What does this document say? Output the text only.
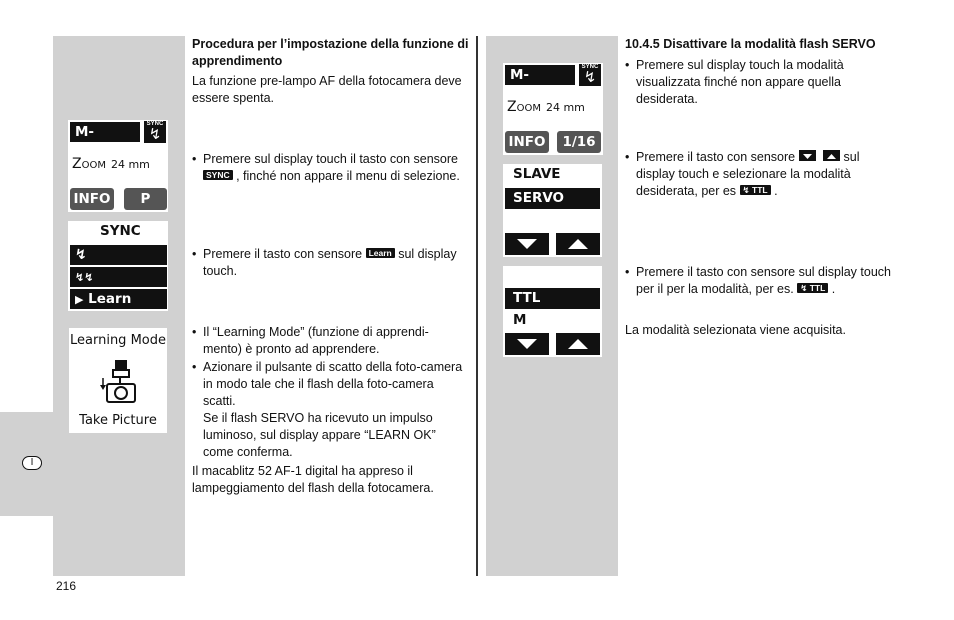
I
M-SERVO
SYNC
↯
ZOOM 24 mm
INFO	P
SYNC
↯
↯↯
▶ Learn
Learning Mode
Take Picture
M-SERVO
SYNC
↯
ZOOM 24 mm
INFO	1/16
SLAVE
SERVO
TTL
M
Procedura per l’impostazione della funzione di apprendimento
La funzione pre-lampo AF della fotocamera deve essere spenta.
• Premere sul display touch il tasto con sensore SYNC , finché non appare il menu di selezione.
• Premere il tasto con sensore Learn sul display touch.
• Il “Learning Mode” (funzione di apprendi-mento) è pronto ad apprendere.
• Azionare il pulsante di scatto della foto-camera in modo tale che il flash della foto-camera scatti.
Se il flash SERVO ha ricevuto un impulso luminoso, sul display appare “LEARN OK” come conferma.
Il macablitz 52 AF-1 digital ha appreso il lampeggiamento del flash della fotocamera.
10.4.5 Disattivare la modalità flash SERVO
• Premere sul display touch la modalità visualizzata finché non appare quella desiderata.
• Premere il tasto con sensore	sul display touch e selezionare la modalità desiderata, per es ↯ TTL .
• Premere il tasto con sensore sul display touch per il per la modalità, per es. ↯ TTL .
La modalità selezionata viene acquisita.
216
